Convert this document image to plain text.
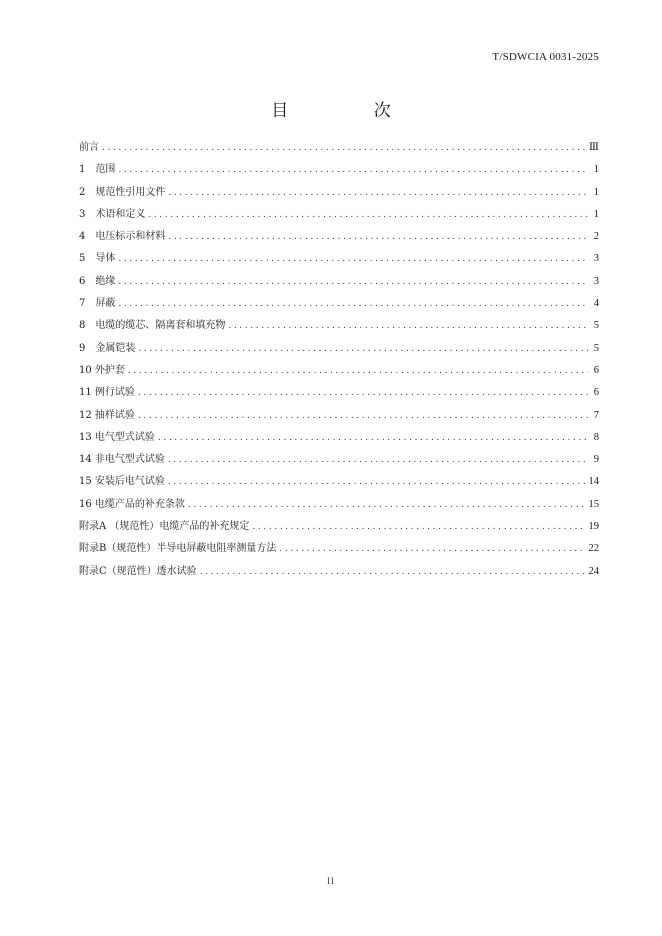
T/SDWCIA 0031-2025
目 次
前言 .....	Ⅲ
1　范围 .....	1
2　规范性引用文件 .....	1
3　术语和定义 .....	1
4　电压标示和材料 .....	2
5　导体 .....	3
6　绝缘 .....	3
7　屏蔽 .....	4
8　电缆的缆芯、隔离套和填充物 .....	5
9　金属铠装 .....	5
10 外护套 .....	6
11 例行试验 .....	6
12 抽样试验 .....	7
13 电气型式试验 .....	8
14 非电气型式试验 .....	9
15 安装后电气试验 .....	14
16 电缆产品的补充条款 .....	15
附录A （规范性）电缆产品的补充规定 .....	19
附录B（规范性）半导电屏蔽电阻率测量方法 .....	22
附录C（规范性）透水试验 .....	24
II
